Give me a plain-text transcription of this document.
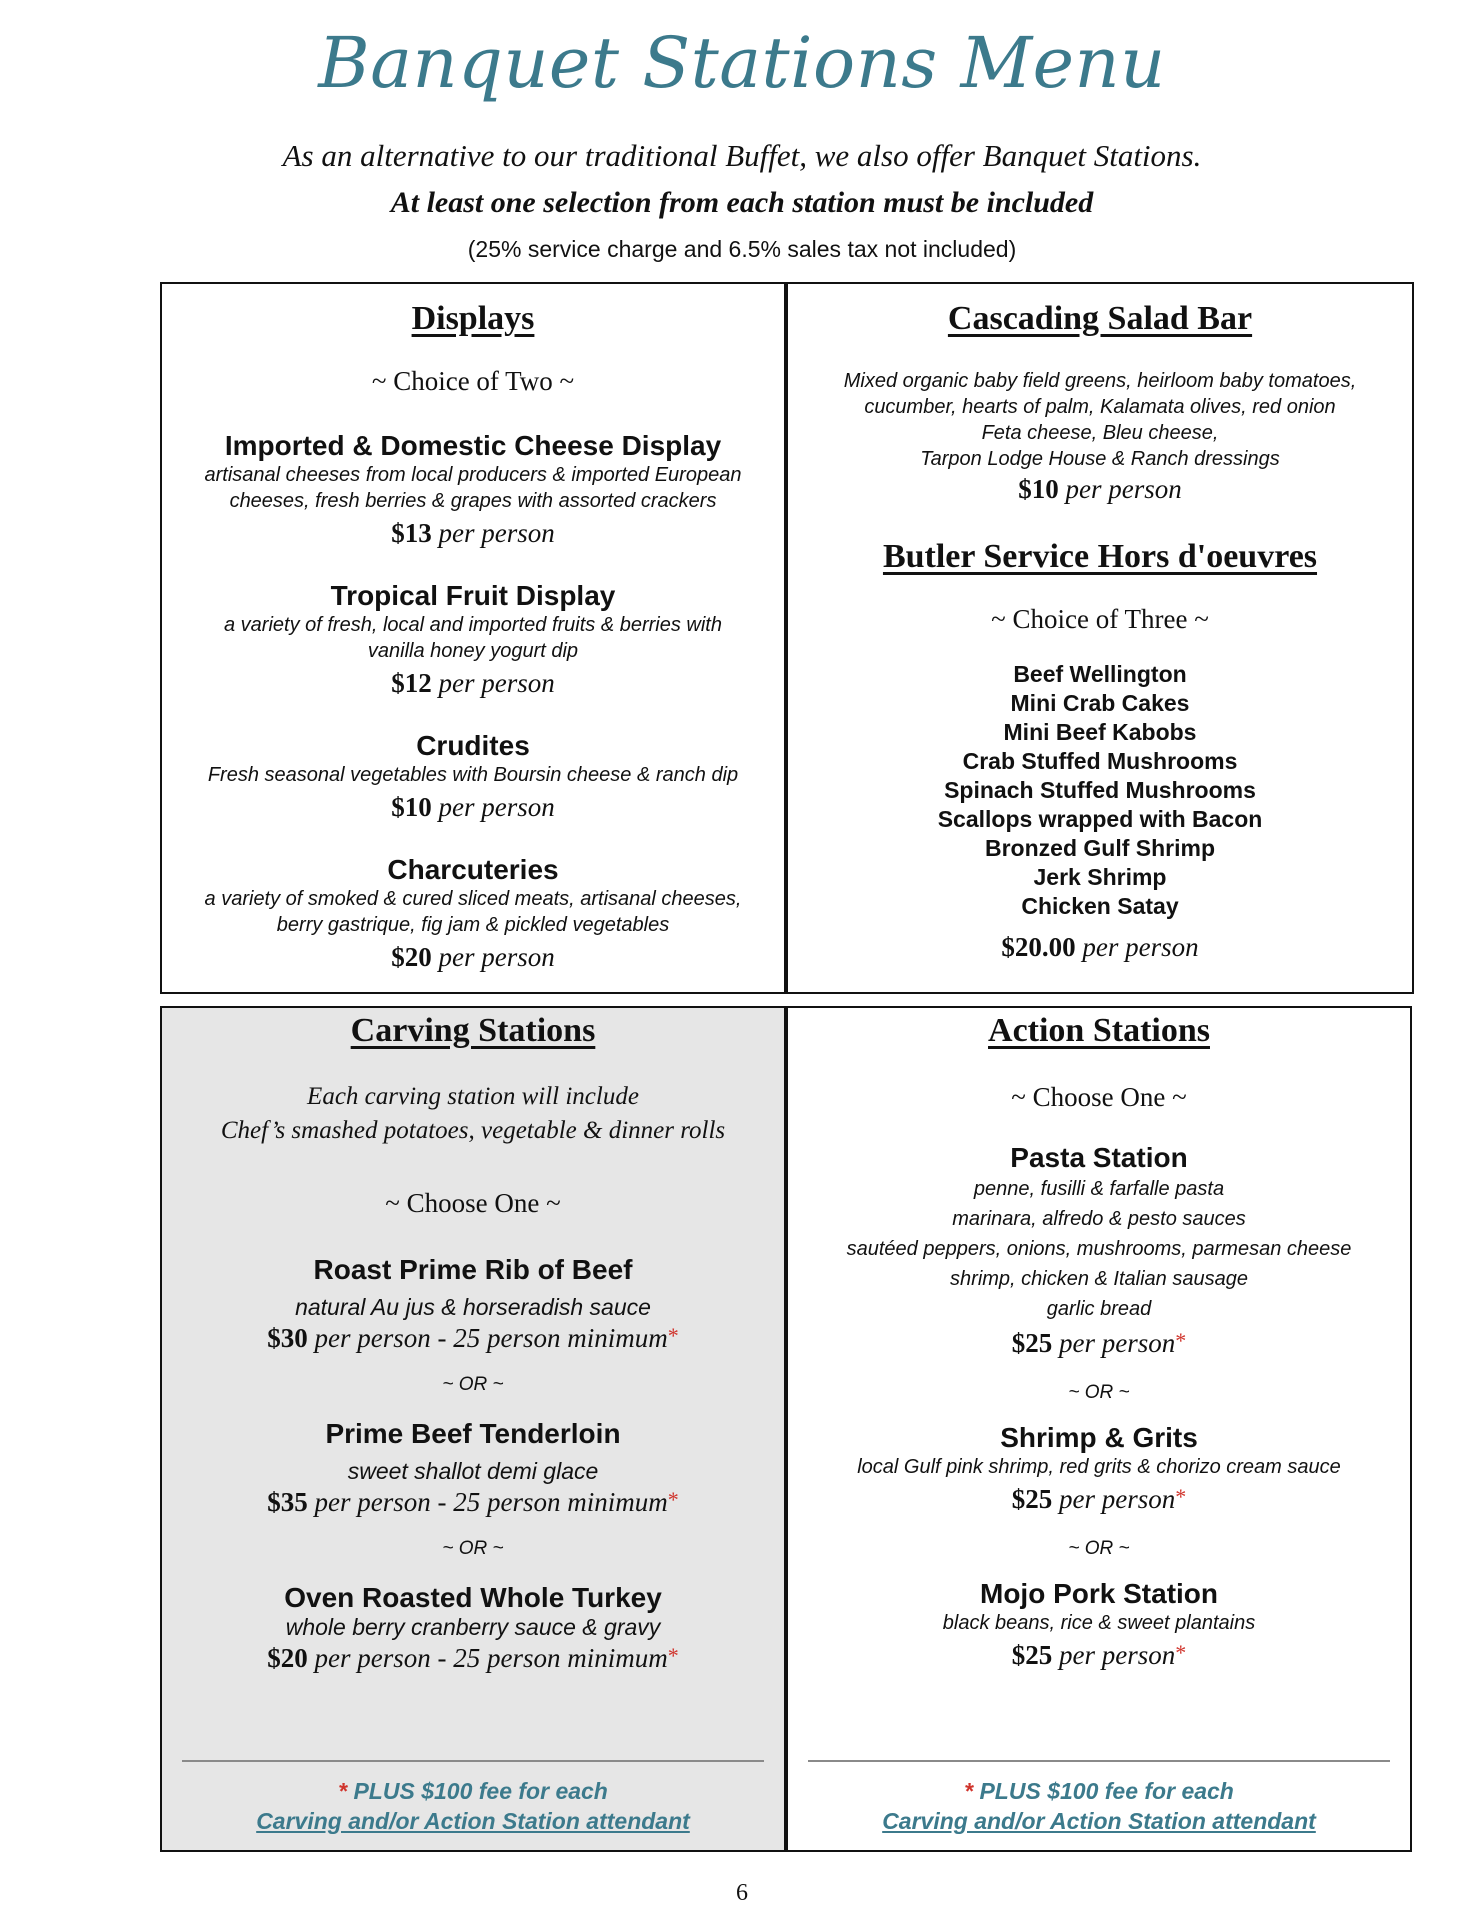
Banquet Stations Menu
As an alternative to our traditional Buffet, we also offer Banquet Stations.
At least one selection from each station must be included
(25% service charge and 6.5% sales tax not included)
Displays
~ Choice of Two ~
Imported & Domestic Cheese Display
artisanal cheeses from local producers & imported European
cheeses, fresh berries & grapes with assorted crackers
$13 per person
Tropical Fruit Display
a variety of fresh, local and imported fruits & berries with
vanilla honey yogurt dip
$12 per person
Crudites
Fresh seasonal vegetables with Boursin cheese & ranch dip
$10 per person
Charcuteries
a variety of smoked & cured sliced meats, artisanal cheeses,
berry gastrique, fig jam & pickled vegetables
$20 per person
Cascading Salad Bar
Mixed organic baby field greens, heirloom baby tomatoes,
cucumber, hearts of palm, Kalamata olives, red onion
Feta cheese, Bleu cheese,
Tarpon Lodge House & Ranch dressings
$10 per person
Butler Service Hors d'oeuvres
~ Choice of Three ~
Beef Wellington
Mini Crab Cakes
Mini Beef Kabobs
Crab Stuffed Mushrooms
Spinach Stuffed Mushrooms
Scallops wrapped with Bacon
Bronzed Gulf Shrimp
Jerk Shrimp
Chicken Satay
$20.00 per person
Carving Stations
Each carving station will include
Chef’s smashed potatoes, vegetable & dinner rolls
~ Choose One ~
Roast Prime Rib of Beef
natural Au jus & horseradish sauce
$30 per person - 25 person minimum*
~ OR ~
Prime Beef Tenderloin
sweet shallot demi glace
$35 per person - 25 person minimum*
~ OR ~
Oven Roasted Whole Turkey
whole berry cranberry sauce & gravy
$20 per person - 25 person minimum*
* PLUS $100 fee for each
Carving and/or Action Station attendant
Action Stations
~ Choose One ~
Pasta Station
penne, fusilli & farfalle pasta
marinara, alfredo & pesto sauces
sautéed peppers, onions, mushrooms, parmesan cheese
shrimp, chicken & Italian sausage
garlic bread
$25 per person*
~ OR ~
Shrimp & Grits
local Gulf pink shrimp, red grits & chorizo cream sauce
$25 per person*
~ OR ~
Mojo Pork Station
black beans, rice & sweet plantains
$25 per person*
* PLUS $100 fee for each
Carving and/or Action Station attendant
6
